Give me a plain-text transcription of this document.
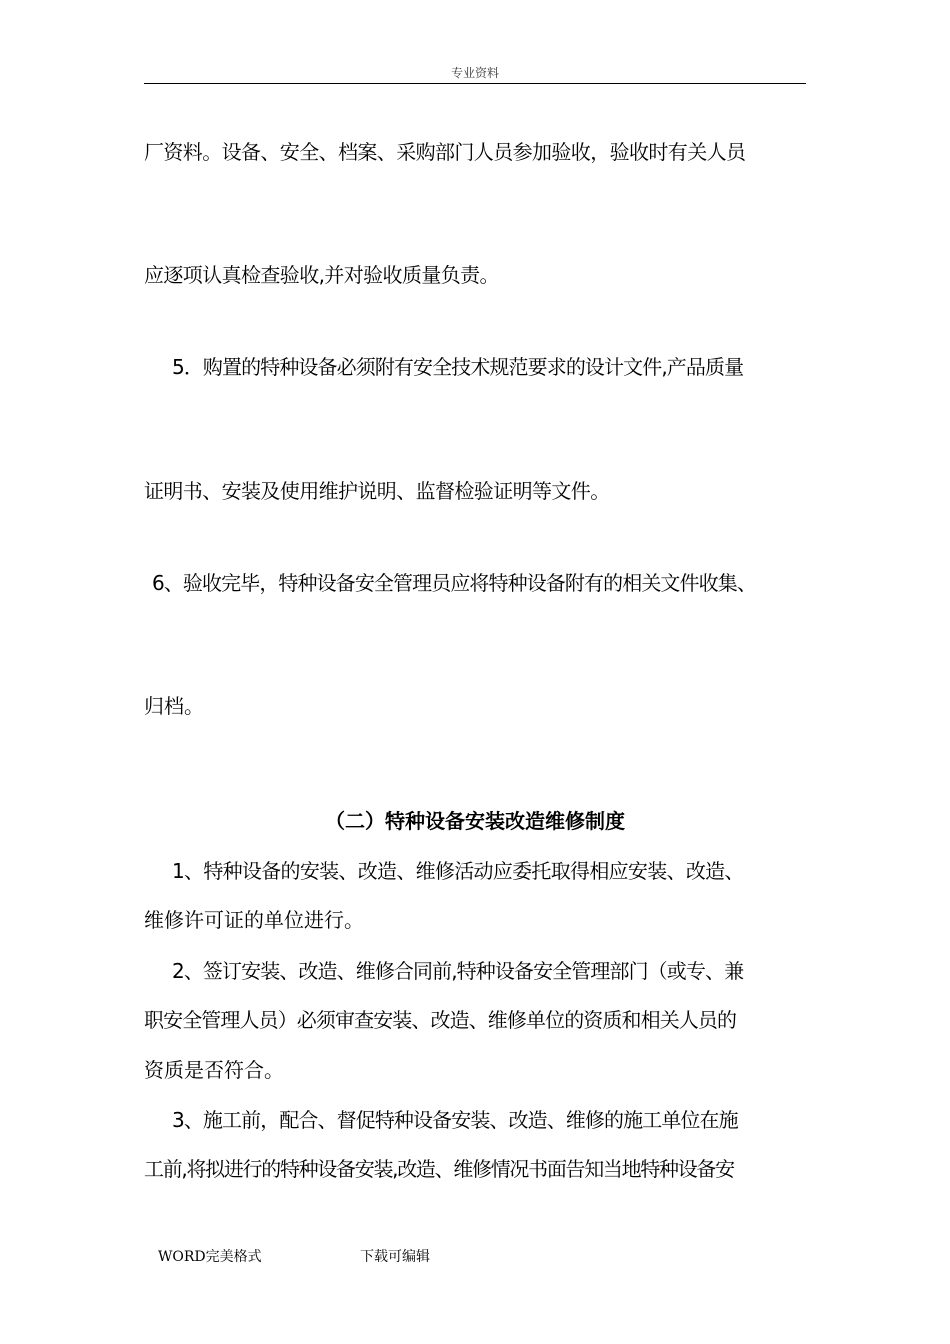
专业资料
厂资料。设备、安全、档案、采购部门人员参加验收，验收时有关人员
应逐项认真检查验收,并对验收质量负责。
5．购置的特种设备必须附有安全技术规范要求的设计文件,产品质量
证明书、安装及使用维护说明、监督检验证明等文件。
6、验收完毕，特种设备安全管理员应将特种设备附有的相关文件收集、
归档。
（二）特种设备安装改造维修制度
1、特种设备的安装、改造、维修活动应委托取得相应安装、改造、
维修许可证的单位进行。
2、签订安装、改造、维修合同前,特种设备安全管理部门（或专、兼
职安全管理人员）必须审查安装、改造、维修单位的资质和相关人员的
资质是否符合。
3、施工前，配合、督促特种设备安装、改造、维修的施工单位在施
工前,将拟进行的特种设备安装,改造、维修情况书面告知当地特种设备安
WORD完美格式	下载可编辑
